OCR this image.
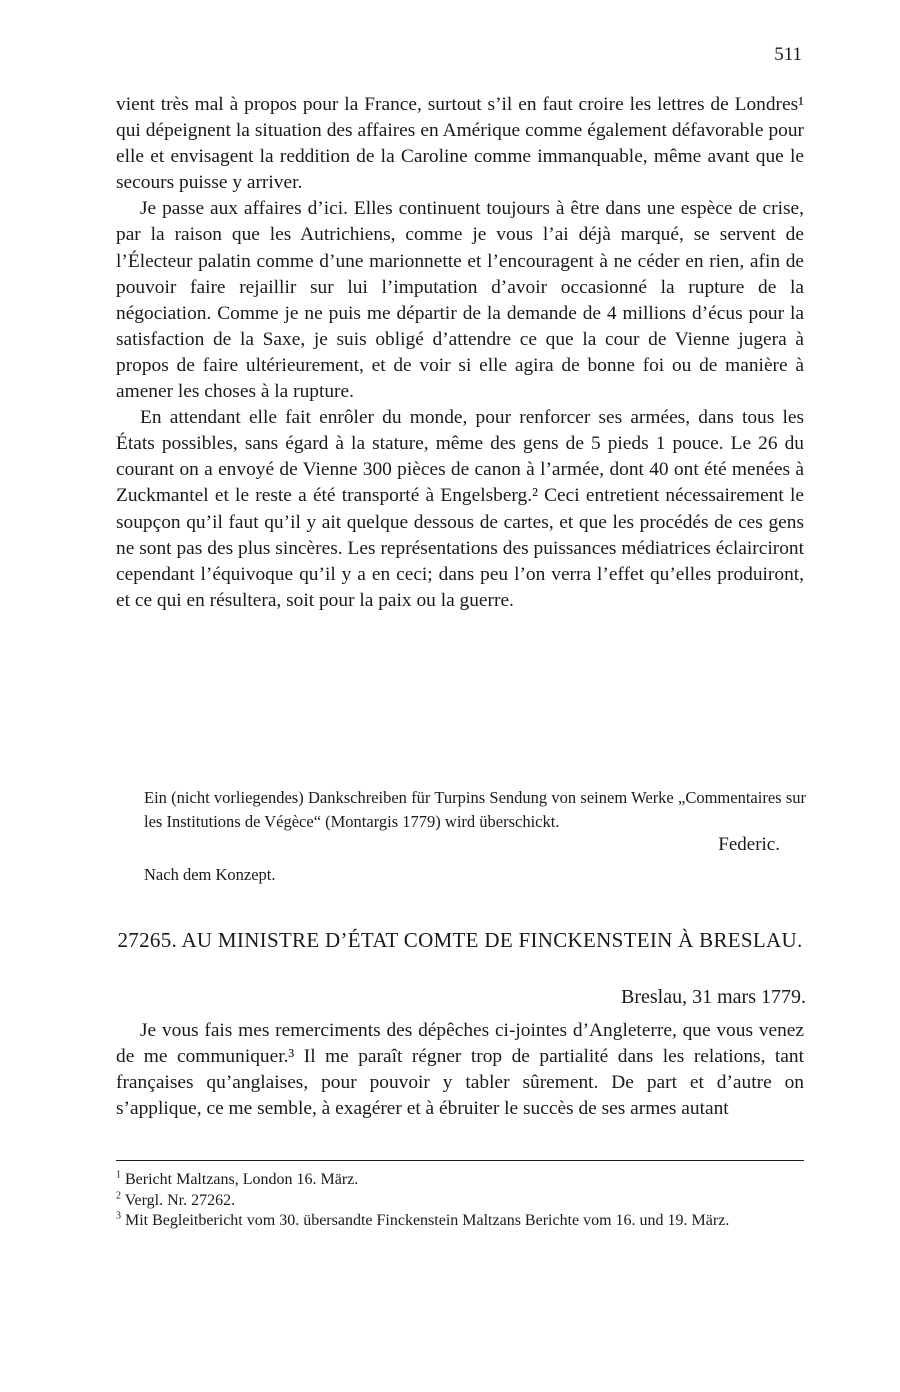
511

vient très mal à propos pour la France, surtout s’il en faut croire les lettres de Londres¹ qui dépeignent la situation des affaires en Amérique comme également défavorable pour elle et envisagent la reddition de la Caroline comme immanquable, même avant que le secours puisse y arriver.

Je passe aux affaires d’ici. Elles continuent toujours à être dans une espèce de crise, par la raison que les Autrichiens, comme je vous l’ai déjà marqué, se servent de l’Électeur palatin comme d’une marionnette et l’encouragent à ne céder en rien, afin de pouvoir faire rejaillir sur lui l’imputation d’avoir occasionné la rupture de la négociation. Comme je ne puis me départir de la demande de 4 millions d’écus pour la satisfaction de la Saxe, je suis obligé d’attendre ce que la cour de Vienne jugera à propos de faire ultérieurement, et de voir si elle agira de bonne foi ou de manière à amener les choses à la rupture.

En attendant elle fait enrôler du monde, pour renforcer ses armées, dans tous les États possibles, sans égard à la stature, même des gens de 5 pieds 1 pouce. Le 26 du courant on a envoyé de Vienne 300 pièces de canon à l’armée, dont 40 ont été menées à Zuckmantel et le reste a été transporté à Engelsberg.² Ceci entretient nécessairement le soupçon qu’il faut qu’il y ait quelque dessous de cartes, et que les procédés de ces gens ne sont pas des plus sincères. Les représentations des puissances médiatrices éclairciront cependant l’équivoque qu’il y a en ceci; dans peu l’on verra l’effet qu’elles produiront, et ce qui en résultera, soit pour la paix ou la guerre.

Ein (nicht vorliegendes) Dankschreiben für Turpins Sendung von seinem Werke „Commentaires sur les Institutions de Végèce“ (Montargis 1779) wird überschickt.
Federic.
Nach dem Konzept.
27265. AU MINISTRE D’ÉTAT COMTE DE FINCKENSTEIN À BRESLAU.
Breslau, 31 mars 1779.

Je vous fais mes remerciments des dépêches ci-jointes d’Angleterre, que vous venez de me communiquer.³ Il me paraît régner trop de partialité dans les relations, tant françaises qu’anglaises, pour pouvoir y tabler sûrement. De part et d’autre on s’applique, ce me semble, à exagérer et à ébruiter le succès de ses armes autant

$^1$ Bericht Maltzans, London 16. März.

$^2$ Vergl. Nr. 27262.

$^3$ Mit Begleitbericht vom 30. übersandte Finckenstein Maltzans Berichte vom 16. und 19. März.
